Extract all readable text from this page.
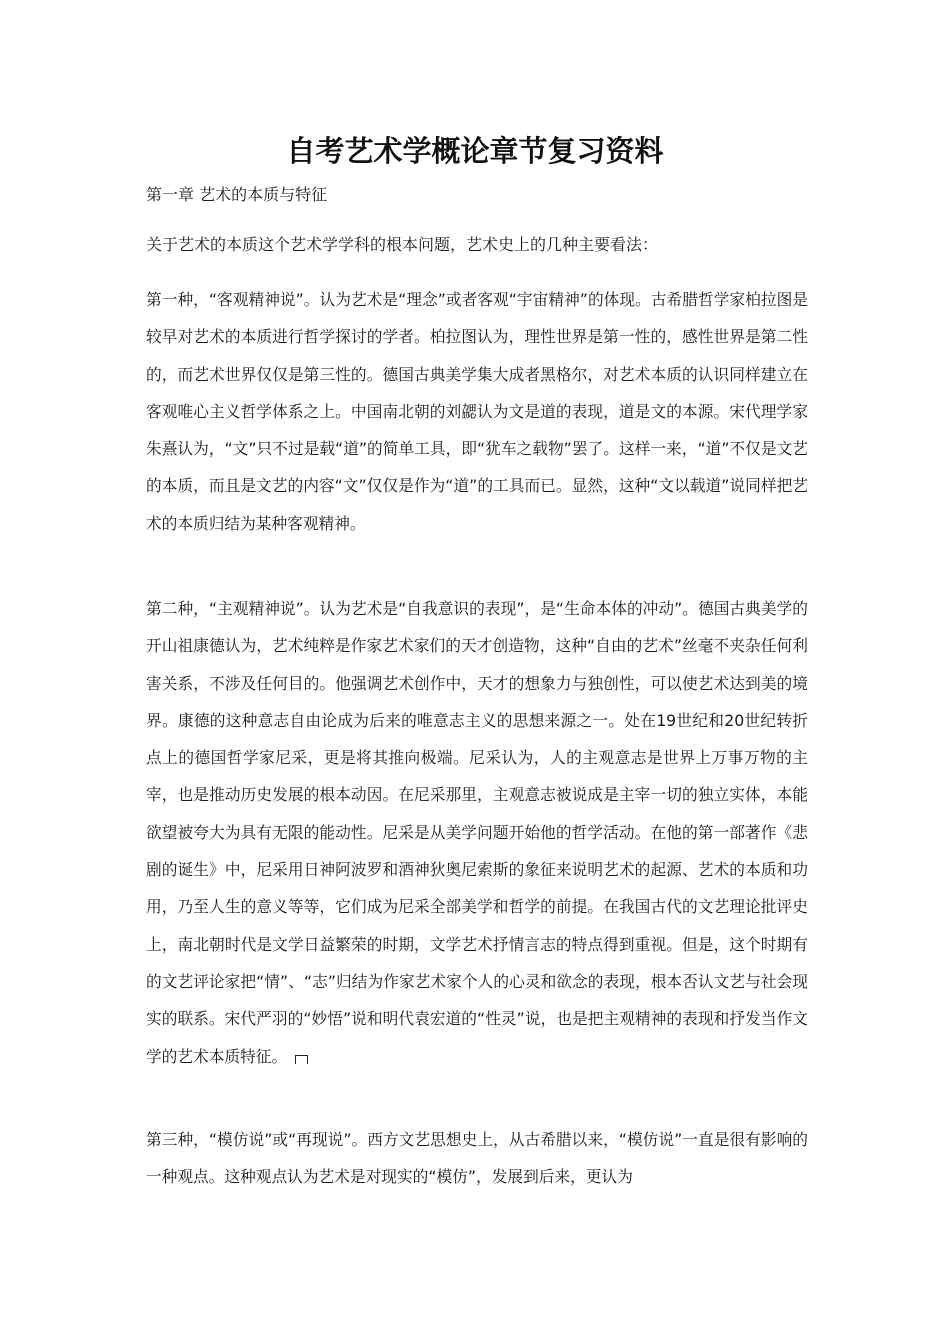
自考艺术学概论章节复习资料
第一章 艺术的本质与特征
关于艺术的本质这个艺术学学科的根本问题，艺术史上的几种主要看法：
第一种，“客观精神说”。认为艺术是“理念”或者客观“宇宙精神”的体现。古希腊哲学家柏拉图是较早对艺术的本质进行哲学探讨的学者。柏拉图认为，理性世界是第一性的，感性世界是第二性的，而艺术世界仅仅是第三性的。德国古典美学集大成者黑格尔，对艺术本质的认识同样建立在客观唯心主义哲学体系之上。中国南北朝的刘勰认为文是道的表现，道是文的本源。宋代理学家朱熹认为，“文”只不过是载“道”的简单工具，即“犹车之载物”罢了。这样一来，“道”不仅是文艺的本质，而且是文艺的内容“文”仅仅是作为“道”的工具而已。显然，这种“文以载道”说同样把艺术的本质归结为某种客观精神。
第二种，“主观精神说”。认为艺术是“自我意识的表现”，是“生命本体的冲动”。德国古典美学的开山祖康德认为，艺术纯粹是作家艺术家们的天才创造物，这种“自由的艺术”丝毫不夹杂任何利害关系，不涉及任何目的。他强调艺术创作中，天才的想象力与独创性，可以使艺术达到美的境界。康德的这种意志自由论成为后来的唯意志主义的思想来源之一。处在19世纪和20世纪转折点上的德国哲学家尼采，更是将其推向极端。尼采认为，人的主观意志是世界上万事万物的主宰，也是推动历史发展的根本动因。在尼采那里，主观意志被说成是主宰一切的独立实体，本能欲望被夸大为具有无限的能动性。尼采是从美学问题开始他的哲学活动。在他的第一部著作《悲剧的诞生》中，尼采用日神阿波罗和酒神狄奥尼索斯的象征来说明艺术的起源、艺术的本质和功用，乃至人生的意义等等，它们成为尼采全部美学和哲学的前提。在我国古代的文艺理论批评史上，南北朝时代是文学日益繁荣的时期，文学艺术抒情言志的特点得到重视。但是，这个时期有的文艺评论家把“情”、“志”归结为作家艺术家个人的心灵和欲念的表现，根本否认文艺与社会现实的联系。宋代严羽的“妙悟”说和明代袁宏道的“性灵”说，也是把主观精神的表现和抒发当作文学的艺术本质特征。
第三种，“模仿说”或“再现说”。西方文艺思想史上，从古希腊以来，“模仿说”一直是很有影响的一种观点。这种观点认为艺术是对现实的“模仿”，发展到后来，更认为
